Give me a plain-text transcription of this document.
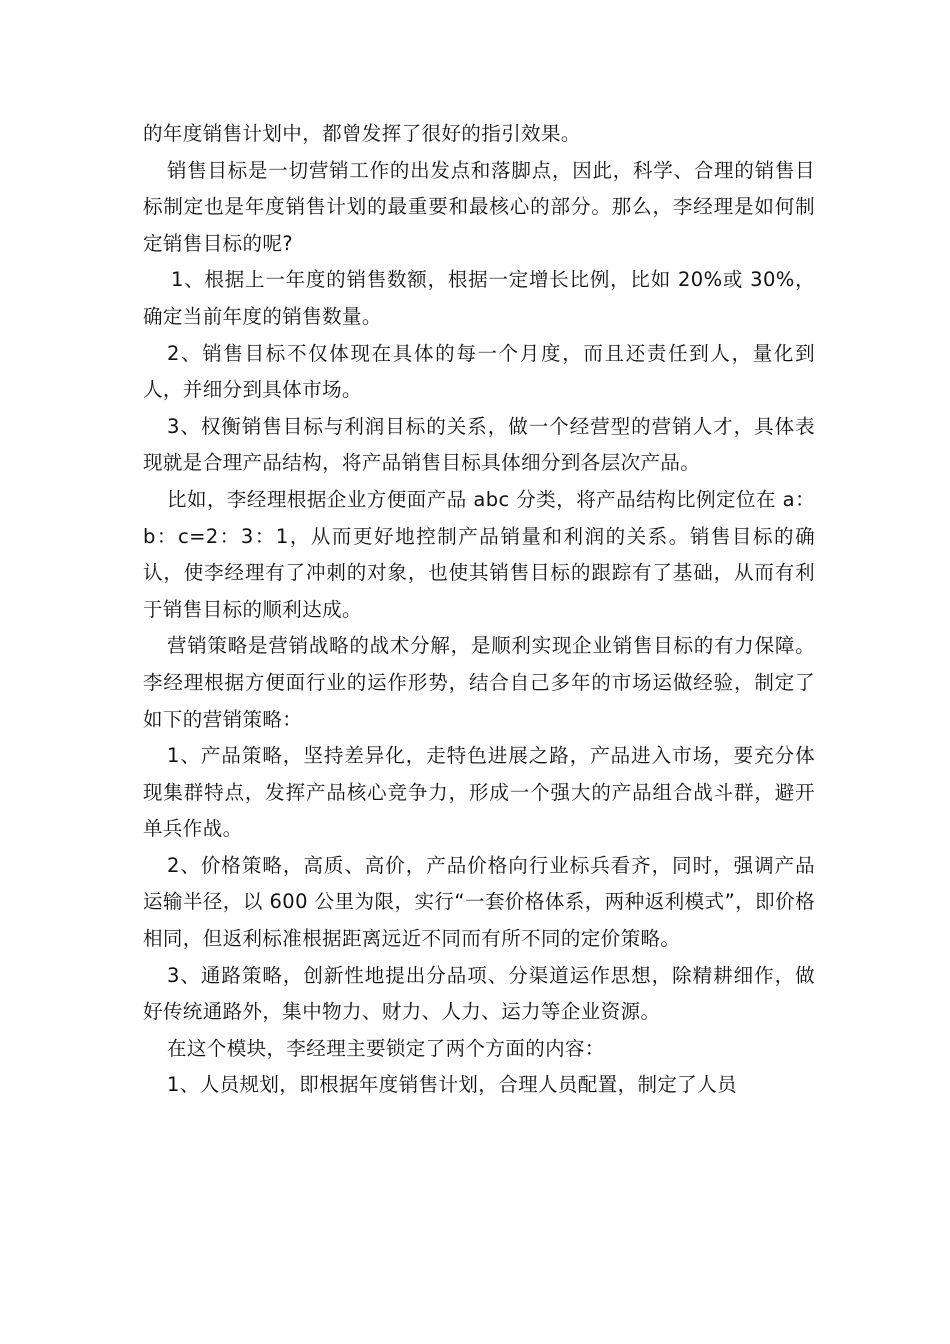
的年度销售计划中，都曾发挥了很好的指引效果。

销售目标是一切营销工作的出发点和落脚点，因此，科学、合理的销售目标制定也是年度销售计划的最重要和最核心的部分。那么，李经理是如何制定销售目标的呢?

1、根据上一年度的销售数额，根据一定增长比例，比如 20%或 30%，确定当前年度的销售数量。

2、销售目标不仅体现在具体的每一个月度，而且还责任到人，量化到人，并细分到具体市场。

3、权衡销售目标与利润目标的关系，做一个经营型的营销人才，具体表现就是合理产品结构，将产品销售目标具体细分到各层次产品。

比如，李经理根据企业方便面产品 abc 分类，将产品结构比例定位在 a：b：c=2：3：1，从而更好地控制产品销量和利润的关系。销售目标的确认，使李经理有了冲刺的对象，也使其销售目标的跟踪有了基础，从而有利于销售目标的顺利达成。

营销策略是营销战略的战术分解，是顺利实现企业销售目标的有力保障。李经理根据方便面行业的运作形势，结合自己多年的市场运做经验，制定了如下的营销策略：

1、产品策略，坚持差异化，走特色进展之路，产品进入市场，要充分体现集群特点，发挥产品核心竞争力，形成一个强大的产品组合战斗群，避开单兵作战。

2、价格策略，高质、高价，产品价格向行业标兵看齐，同时，强调产品运输半径，以 600 公里为限，实行“一套价格体系，两种返利模式”，即价格相同，但返利标准根据距离远近不同而有所不同的定价策略。

3、通路策略，创新性地提出分品项、分渠道运作思想，除精耕细作，做好传统通路外，集中物力、财力、人力、运力等企业资源。

在这个模块，李经理主要锁定了两个方面的内容：

1、人员规划，即根据年度销售计划，合理人员配置，制定了人员
